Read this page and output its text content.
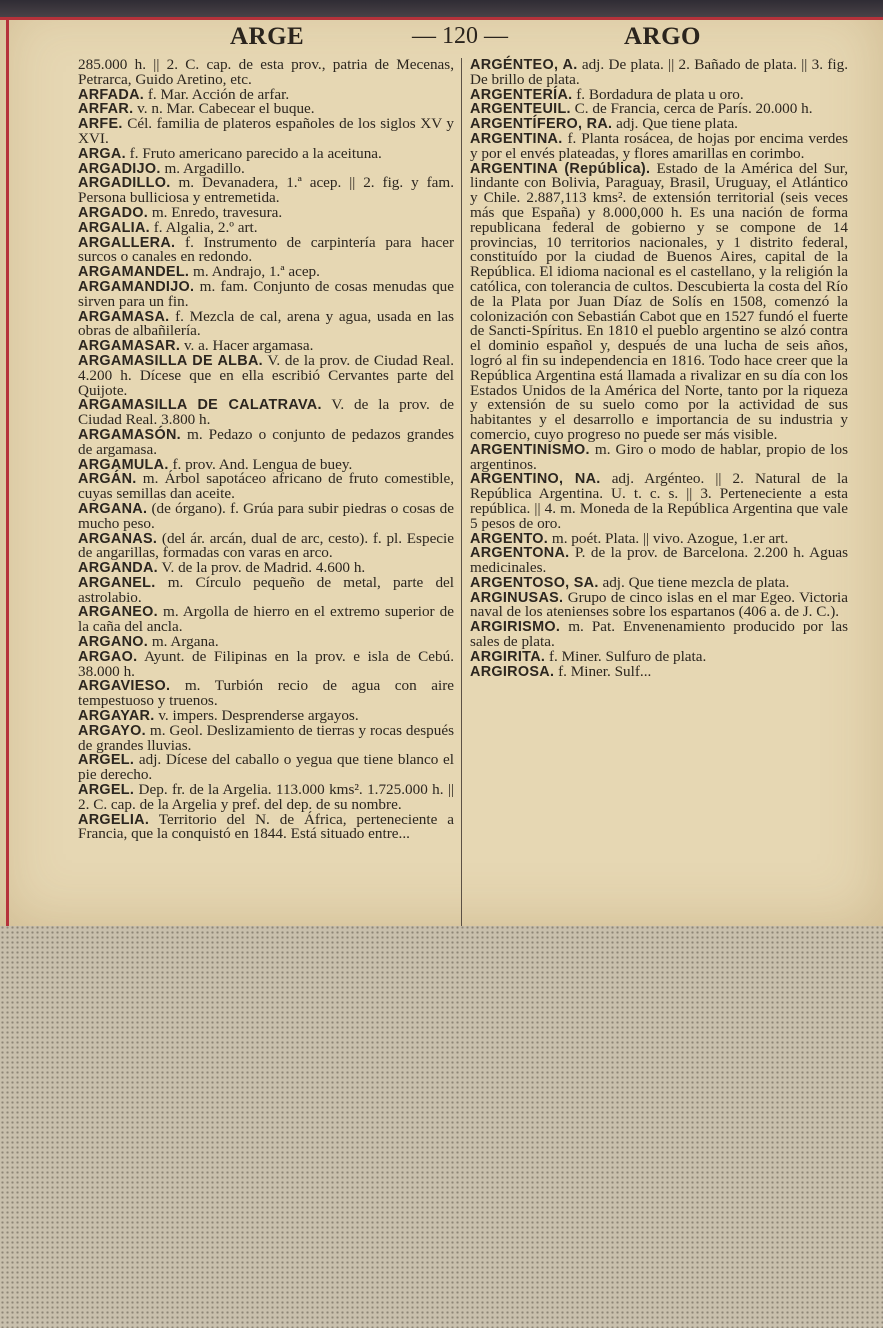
ARGE	— 120 —	ARGO

285.000 h. || 2. C. cap. de esta prov., patria de Mecenas, Petrarca, Guido Aretino, etc.

ARFADA. f. Mar. Acción de arfar.

ARFAR. v. n. Mar. Cabecear el buque.

ARFE. Cél. familia de plateros españoles de los siglos XV y XVI.

ARGA. f. Fruto americano parecido a la aceituna.

ARGADIJO. m. Argadillo.

ARGADILLO. m. Devanadera, 1.ª acep. || 2. fig. y fam. Persona bulliciosa y entremetida.

ARGADO. m. Enredo, travesura.

ARGALIA. f. Algalia, 2.º art.

ARGALLERA. f. Instrumento de carpintería para hacer surcos o canales en redondo.

ARGAMANDEL. m. Andrajo, 1.ª acep.

ARGAMANDIJO. m. fam. Conjunto de cosas menudas que sirven para un fin.

ARGAMASA. f. Mezcla de cal, arena y agua, usada en las obras de albañilería.

ARGAMASAR. v. a. Hacer argamasa.

ARGAMASILLA DE ALBA. V. de la prov. de Ciudad Real. 4.200 h. Dícese que en ella escribió Cervantes parte del Quijote.

ARGAMASILLA DE CALATRAVA. V. de la prov. de Ciudad Real. 3.800 h.

ARGAMASÓN. m. Pedazo o conjunto de pedazos grandes de argamasa.

ARGAMULA. f. prov. And. Lengua de buey.

ARGÁN. m. Árbol sapotáceo africano de fruto comestible, cuyas semillas dan aceite.

ARGANA. (de órgano). f. Grúa para subir piedras o cosas de mucho peso.

ARGANAS. (del ár. arcán, dual de arc, cesto). f. pl. Especie de angarillas, formadas con varas en arco.

ARGANDA. V. de la prov. de Madrid. 4.600 h.

ARGANEL. m. Círculo pequeño de metal, parte del astrolabio.

ARGANEO. m. Argolla de hierro en el extremo superior de la caña del ancla.

ARGANO. m. Argana.

ARGAO. Ayunt. de Filipinas en la prov. e isla de Cebú. 38.000 h.

ARGAVIESO. m. Turbión recio de agua con aire tempestuoso y truenos.

ARGAYAR. v. impers. Desprenderse argayos.

ARGAYO. m. Geol. Deslizamiento de tierras y rocas después de grandes lluvias.

ARGEL. adj. Dícese del caballo o yegua que tiene blanco el pie derecho.

ARGEL. Dep. fr. de la Argelia. 113.000 kms². 1.725.000 h. || 2. C. cap. de la Argelia y pref. del dep. de su nombre.

ARGELIA. Territorio del N. de África, perteneciente a Francia, que la conquistó en 1844. Está situado entre...

ARGÉNTEO, A. adj. De plata. || 2. Bañado de plata. || 3. fig. De brillo de plata.

ARGENTERÍA. f. Bordadura de plata u oro.

ARGENTEUIL. C. de Francia, cerca de París. 20.000 h.

ARGENTÍFERO, RA. adj. Que tiene plata.

ARGENTINA. f. Planta rosácea, de hojas por encima verdes y por el envés plateadas, y flores amarillas en corimbo.

ARGENTINA (República). Estado de la América del Sur, lindante con Bolivia, Paraguay, Brasil, Uruguay, el Atlántico y Chile. 2.887,113 kms². de extensión territorial (seis veces más que España) y 8.000,000 h. Es una nación de forma republicana federal de gobierno y se compone de 14 provincias, 10 territorios nacionales, y 1 distrito federal, constituído por la ciudad de Buenos Aires, capital de la República. El idioma nacional es el castellano, y la religión la católica, con tolerancia de cultos. Descubierta la costa del Río de la Plata por Juan Díaz de Solís en 1508, comenzó la colonización con Sebastián Cabot que en 1527 fundó el fuerte de Sancti-Spíritus. En 1810 el pueblo argentino se alzó contra el dominio español y, después de una lucha de seis años, logró al fin su independencia en 1816. Todo hace creer que la República Argentina está llamada a rivalizar en su día con los Estados Unidos de la América del Norte, tanto por la riqueza y extensión de su suelo como por la actividad de sus habitantes y el desarrollo e importancia de su industria y comercio, cuyo progreso no puede ser más visible.

ARGENTINISMO. m. Giro o modo de hablar, propio de los argentinos.

ARGENTINO, NA. adj. Argénteo. || 2. Natural de la República Argentina. U. t. c. s. || 3. Perteneciente a esta república. || 4. m. Moneda de la República Argentina que vale 5 pesos de oro.

ARGENTO. m. poét. Plata. || vivo. Azogue, 1.er art.

ARGENTONA. P. de la prov. de Barcelona. 2.200 h. Aguas medicinales.

ARGENTOSO, SA. adj. Que tiene mezcla de plata.

ARGINUSAS. Grupo de cinco islas en el mar Egeo. Victoria naval de los atenienses sobre los espartanos (406 a. de J. C.).

ARGIRISMO. m. Pat. Envenenamiento producido por las sales de plata.

ARGIRITA. f. Miner. Sulfuro de plata.

ARGIROSA. f. Miner. Sulf...
